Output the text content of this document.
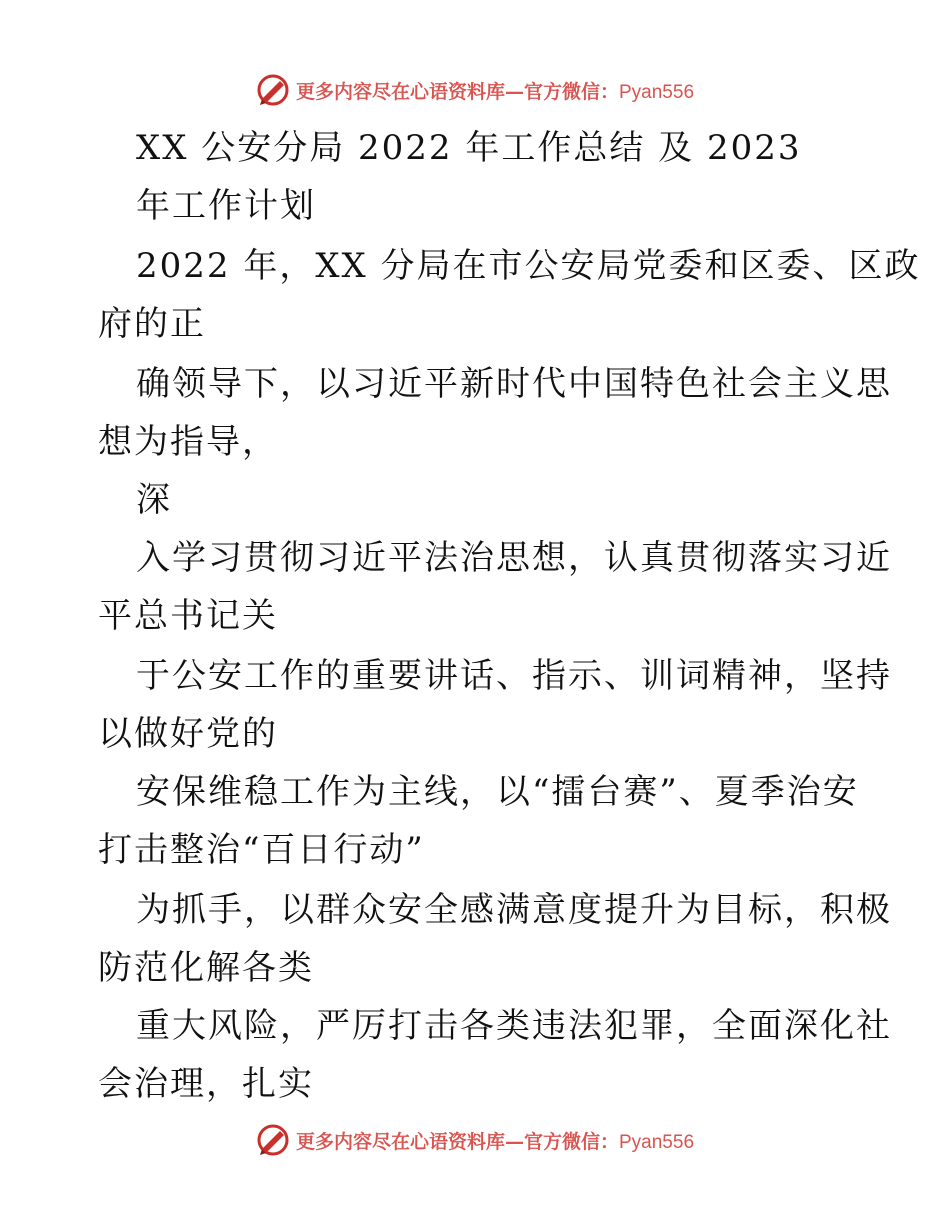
更多内容尽在心语资料库—官方微信：Pyan556
XX 公安分局 2022 年工作总结 及 2023
年工作计划
2022 年，XX 分局在市公安局党委和区委、区政
府的正
确领导下，以习近平新时代中国特色社会主义思
想为指导，
深
入学习贯彻习近平法治思想，认真贯彻落实习近
平总书记关
于公安工作的重要讲话、指示、训词精神，坚持
以做好党的
安保维稳工作为主线，以“擂台赛”、夏季治安
打击整治“百日行动”
为抓手，以群众安全感满意度提升为目标，积极
防范化解各类
重大风险，严厉打击各类违法犯罪，全面深化社
会治理，扎实
更多内容尽在心语资料库—官方微信：Pyan556
